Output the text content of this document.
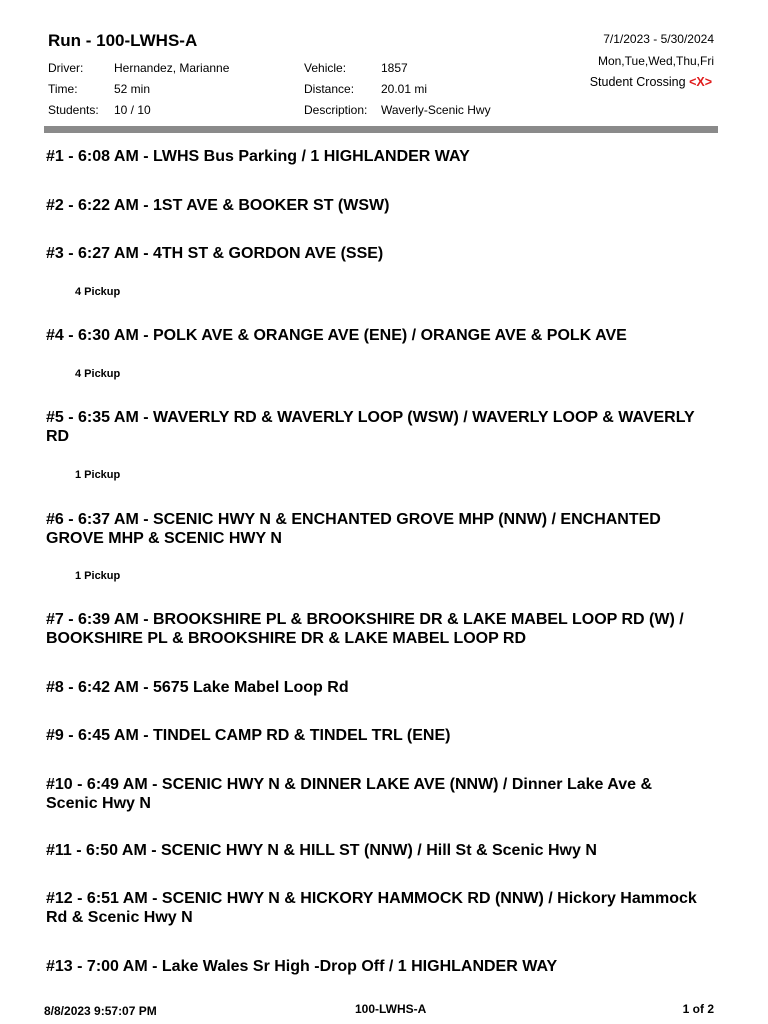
Run - 100-LWHS-A
Driver:	Hernandez, Marianne
Time:	52 min
Students: 10 / 10
Vehicle:	1857
Distance: 20.01 mi
Description: Waverly-Scenic Hwy
7/1/2023 - 5/30/2024
Mon,Tue,Wed,Thu,Fri
Student Crossing <X>
#1 - 6:08 AM - LWHS Bus Parking / 1 HIGHLANDER WAY
#2 - 6:22 AM - 1ST AVE & BOOKER ST (WSW)
#3 - 6:27 AM - 4TH ST & GORDON AVE (SSE)
4 Pickup
#4 - 6:30 AM - POLK AVE & ORANGE AVE (ENE) / ORANGE AVE & POLK AVE
4 Pickup
#5 - 6:35 AM - WAVERLY RD & WAVERLY LOOP (WSW) / WAVERLY LOOP & WAVERLY RD
1 Pickup
#6 - 6:37 AM - SCENIC HWY N & ENCHANTED GROVE MHP (NNW) / ENCHANTED GROVE MHP & SCENIC HWY N
1 Pickup
#7 - 6:39 AM - BROOKSHIRE PL & BROOKSHIRE DR & LAKE MABEL LOOP RD (W) / BOOKSHIRE PL & BROOKSHIRE DR & LAKE MABEL LOOP RD
#8 - 6:42 AM - 5675 Lake Mabel Loop Rd
#9 - 6:45 AM - TINDEL CAMP RD & TINDEL TRL (ENE)
#10 - 6:49 AM - SCENIC HWY N & DINNER LAKE AVE (NNW) / Dinner Lake Ave & Scenic Hwy N
#11 - 6:50 AM - SCENIC HWY N & HILL ST (NNW) / Hill St & Scenic Hwy N
#12 - 6:51 AM - SCENIC HWY N & HICKORY HAMMOCK RD (NNW) / Hickory Hammock Rd & Scenic Hwy N
#13 - 7:00 AM - Lake Wales Sr High -Drop Off / 1 HIGHLANDER WAY
8/8/2023 9:57:07 PM	100-LWHS-A	1 of 2
